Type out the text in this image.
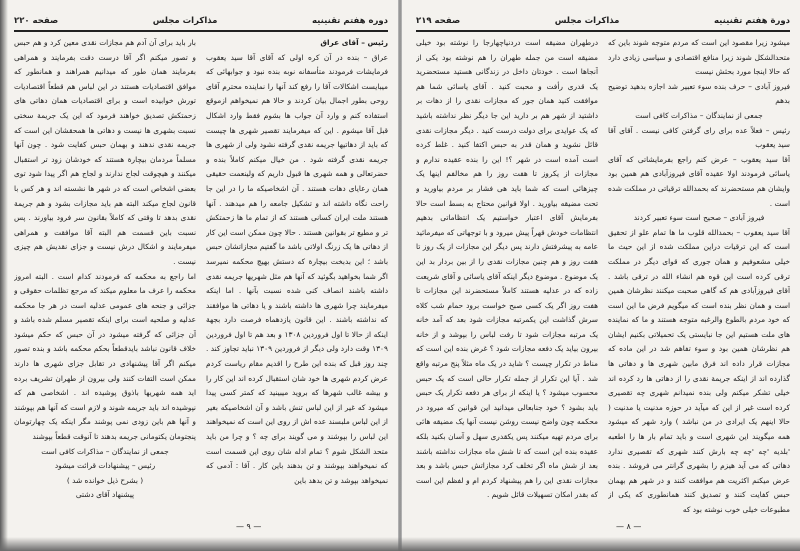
دوره هفتم تقنینیه
مذاکرات مجلس
صفحه ۲۲۰

رئیس – آقای عراق

عراق – بنده در آن کره اولی که آقای آقا سید یعقوب فرمایشات فرمودند متأسفانه نوبه بنده نبود و جوابهائی که میبایست اشکالات آقا را رفع کند آنها را نماینده محترم آقای روحی بطور اجمال بیان کردند و حالا هم نمیخواهم ازموقع استفاده کنم و وارد آن جواب ها بشوم فقط وارد اشکال قبل آقا میشوم . این که میفرمایند تقصیر شهری ها چیست که باید از دهاتیها جریمه نقدی گرفته نشود ولی از شهری ها جریمه نقدی گرفته شود . من خیال میکنم کاملاً بنده و حضرتعالی و همه شهری ها قبول داریم که ولینعمت حقیقی همان رعایای دهات هستند . آن اشخاصیکه ما را در این جا راحت نگاه داشته اند و تشکیل جامعه را هم میدهند . آنها هستند ملت ایران کسانی هستند که از تمام ما ها زحمتکش تر و مطیع تر بقوانین هستند . حالا چون ممکن است این کار از دهاتی ها یک زرنگ اولاتی باشد ما گفتیم مجازاتشان حبس باشد ؛ این بدبخت بیچارة که دستش بهیچ محکمه نمیرسد اگر شما بخواهید بگوئید که آنها هم مثل شهریها جریمه نقدی داشته باشند انصاف کنی شده نسبت بآنها . اما اینکه میفرمایند چرا شهری ها داشته باشند و یا دهاتی ها موافقند که نداشته باشند . این قانون یازدهماه فرصت دارد بجهة اینکه از حالا تا اول فروردین ۱۳۰۸ و بعد هم تا اول فروردین ۱۳۰۹ وقت دارد ولی دیگر از فروردین ۱۳۰۹ نباید تجاوز کند . چند روز قبل که بنده این طرح را اقدیم مقام ریاست کردم عرض کردم شهری ها خود شان استقبال کرده اند این کار را و بیشه غالب شهرها که بروید میبینید که کمتر کسی پیدا میشود که غیر از این لباس تنش باشد و آن اشخاصیکه بغیر از این لباس ملبسند عده اش از روی این است که نمیخواهند این لباس را بپوشند و می گویند برای چه ؟ و چرا من باید متحد الشکل شوم ؟ تمام ادله شان روی این قسمت است که نمیخواهند بپوشند و تن بدهند باین کار . آقا : آدمی که نمیخواهد بپوشد و تن بدهد باین

بار باید برای آن آدم هم مجازات نقدی معین کرد و هم حبس و تصور میکنم اگر آقا درست دقت بفرمایند و همراهی بفرمایند همان طور که میدانیم همراهند و همانطور که موافق اقتصادیات هستند در این لباس هم قطعاً اقتصادیات تورش خوابیده است و برای اقتصادیات همان دهاتی های زحمتکش تصدیق خواهند فرمود که این یک جریمة سختی نسبت بشهری ها نیست و دهاتی ها همحقشان این است که جریمه نقدی ندهند و بهمان حبس کفایت شود . چون آنها مسلماً مردمان بیچارة هستند که خودشان زود تر استقبال میکنند و هیچوقت لجاج ندارند و لجاج هم اگر پیدا شود توی بعضی اشخاص است که در شهر ها نشسته اند و هر کس با قانون لجاج میکند البته هم باید مجازات بشود و هم جریمة نقدی بدهد تا وقتی که کاملاً بقانون سر فرود بیاورند . پس نسبت باین قسمت هم البته آقا موافقت و همراهی میفرمایند و اشکال درش نیست و جزای نقدیش هم چیزی نیست .

اما راجع به محکمه که فرمودند کدام است . البته امروز محکمه را عرف ما معلوم میکند که مرجع تظلمات حقوقی و جزائی و جنحه های عمومی عدلیه است در هر جا محکمه عدلیه و صلحیه است برای اینکه تقصیر مسلم شده باشد و آن جزائی که گرفته میشود در آن حبس که حکم میشود خلاف قانون نباشد بایدقطعاً بحکم محکمه باشد و بنده تصور میکنم اگر آقا پیشنهادی در تقابل جزای شهری ها دارند ممکن است التفات کنند ولی بیرون از طهران تشریف برده اید همه شهریها باذوق پوشیده اند . اشخاصی هم که نپوشیده اند باید جریمه شوند و لازم است که آنها هم بپوشند و آنها هم باین زودی نمی پوشند مگر اینکه یک چهارتومان پنجتومان یکتومانی جریمه بدهند تا آنوقت قطعاً بپوشند

جمعی از نمایندگان – مذاکرات کافی است

رئیس – پیشنهادات قرائت میشود

( بشرح ذیل خوانده شد )

پیشنهاد آقای دشتی

— ۹ —
دورة هفتم تقنینیه
مذاکرات مجلس
صفحه ۲۱۹

میشود زیرا مقصود این است که مردم متوجه شوند باین که متحدالشکل شوند زیرا منافع اقتصادی و سیاسی زیادی دارد که حالا اینجا مورد بحثش نیست

فیروز آبادی – حرف بنده سوء تعبیر شد اجازه بدهید توضیح بدهم

جمعی از نمایندگان – مذاکرات کافی است

رئیس – فعلاً عده برای رای گرفتن کافی نیست . آقای آقا سید یعقوب

آقا سید یعقوب – عرض کنم راجع بفرمایشاتی که آقای یاسائی فرمودند اولا عقیده آقای فیروزآبادی هم همین بود وایشان هم مستحضرند که بحمدالله ترقیاتی در مملکت شده است .

فیروز آبادی – صحیح است سوء تعبیر کردند

آقا سید یعقوب – بحمدالله قلوب ما ها تمام علو از تحقیق است که این ترقیات دراین مملکت شده از این حیث ما خیلی مشعوفیم و همان جوری که قوای دیگر در مملکت ترقی کرده است این قوه هم انشاء الله در ترقی باشد . آقای فیروزآبادی هم که گاهی صحبت میکنند نظرشان همین است و همان نظر بنده است که میگویم فرض ما این است که خود مردم بالطوع والرغبه متوجه هستند و ما که نماینده های ملت هستیم این جا نبایستی یک تحمیلاتی بکنیم ایشان هم نظرشان همین بود و سوء تفاهم شد در این ماده که مجازات قرار داده اند فرق مابین شهری ها و دهاتی ها گذارده اند از اینکه جریمة نقدی را از دهاتی ها رد کرده اند خیلی تشکر میکنم ولی بنده نمیدانم شهری چه تقصیری کرده است غیر از این که میآید در حوزه مدنیت یا مدنیت ( حالا اینهم یک ایرادی در من نباشد ) وارد شهر که میشود همه میگویند این شهری است و باید تمام بار ها را اطعبه 'بلدیه 'چه 'چه چه بارش کنند شهری که تقصیری ندارد دهاتی که می آید هیزم را بشهری گرانتر می فروشد . بنده عرض میکنم اکثریت هم موافقت کنند و در شهر هم بهمان حبس کفایت کنند و تصدیق کنند همانطوری که یکی از مطبوعات خیلی خوب نوشته بود که

درطهران مضیقه است دردنیاچهارجا را نوشته بود خیلی مضیقه است من جمله طهران را هم نوشته بود یکی از آنجاها است . خودتان داخل در زندگانی هستید مستحضرید یک قدری رأفت و محبت کنید . آقای یاسائی شما هم موافقت کنید همان جور که مجازات نقدی را از دهات بر داشتید از شهر هم بر دارید این جا دیگر نظر نداشته باشید که یک عوایدی برای دولت درست کنید . دیگر مجازات نقدی قائل نشوید و همان قدر به حبس اکتفا کنید . غلط کرده است آمده است در شهر ؟! این را بنده عقیده ندارم و مجازات از یکروز تا هفت روز را هم مخالفم اینها یک چیزهائی است که شما باید هی فشار بر مردم بیاورید و تحت مضیقه بیاورید . اولا قوانین محتاج به بسط است حالا بفرمایش آقای اعتبار خواستیم یک انتظاماتی بدهیم انتظامات خودش قهراً پیش میرود و با توجهاتی که میفرمائید عامه به پیشرفتش دارند پس دیگر این مجازات از یک روز تا هفت روز و هم چنین مجازات نقدی را از بین بردار بد این یک موضوع . موضوع دیگر اینکه آقای یاسائی و آقای شریعت زاده که در عدلیه هستند کاملاً مستحضرند این مجازات تا هفت روز اگر یک کسی صبح خواست برود حمام شب کلاه سرش گذاشت این یکمرتبه مجازات شود بعد که آمد خانه یک مرتبه مجازات شود تا رفت لباس را بپوشد و از خانه بیرون بیاید یک دفعه مجازات شود ؟ غرض بنده این است که مناط در تکرار چیست ؟ شاید در یک ماه مثلاً پنج مرتبه واقع شد . آیا این تکرار از جمله تکرار حالی است که یک حبس محسوب میشود ؟ یا اینکه از برای هر دفعه تکرار یک حبس باید بشود ؟ خود جنابعالی میدانید این قوانین که میرود در محکمه چون واضح نیست روشن نیست آنها یک مضیقه هائی برای مردم تهیه میکنند پس یکقدری سهل و آسان بکنید بلکه عقیده بنده این است که تا شش ماه مجازات نداشته باشند بعد از شش ماه اگر تخلف کرد مجازاتش حبس باشد و بعد مجازات نقدی این را هم پیشنهاد کردم ام و لفظم این است که بقدر امکان تسهیلات قائل شویم .

— ۸ —
